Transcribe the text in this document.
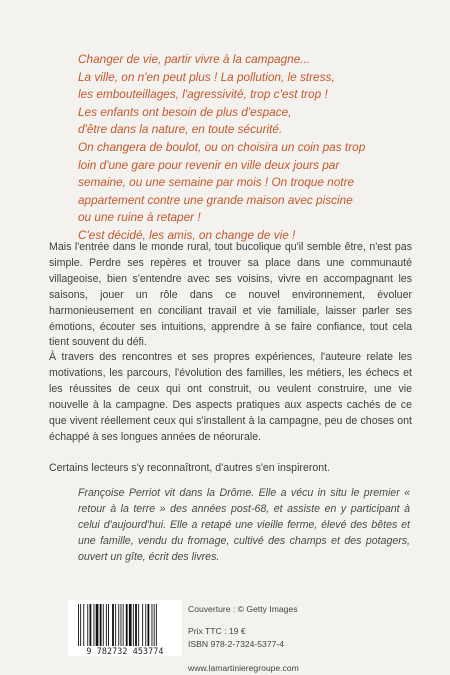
Changer de vie, partir vivre à la campagne...
La ville, on n'en peut plus ! La pollution, le stress,
les embouteillages, l'agressivité, trop c'est trop !
Les enfants ont besoin de plus d'espace,
d'être dans la nature, en toute sécurité.
On changera de boulot, ou on choisira un coin pas trop
loin d'une gare pour revenir en ville deux jours par
semaine, ou une semaine par mois ! On troque notre
appartement contre une grande maison avec piscine
ou une ruine à retaper !
C'est décidé, les amis, on change de vie !

Mais l'entrée dans le monde rural, tout bucolique qu'il semble être, n'est pas simple. Perdre ses repères et trouver sa place dans une communauté villageoise, bien s'entendre avec ses voisins, vivre en accompagnant les saisons, jouer un rôle dans ce nouvel environnement, évoluer harmonieusement en conciliant travail et vie familiale, laisser parler ses émotions, écouter ses intuitions, apprendre à se faire confiance, tout cela tient souvent du défi.

À travers des rencontres et ses propres expériences, l'auteure relate les motivations, les parcours, l'évolution des familles, les métiers, les échecs et les réussites de ceux qui ont construit, ou veulent construire, une vie nouvelle à la campagne. Des aspects pratiques aux aspects cachés de ce que vivent réellement ceux qui s'installent à la campagne, peu de choses ont échappé à ses longues années de néorurale.

Certains lecteurs s'y reconnaîtront, d'autres s'en inspireront.

Françoise Perriot vit dans la Drôme. Elle a vécu in situ le premier « retour à la terre » des années post-68, et assiste en y participant à celui d'aujourd'hui. Elle a retapé une vieille ferme, élevé des bêtes et une famille, vendu du fromage, cultivé des champs et des potagers, ouvert un gîte, écrit des livres.

9 782732 453774
Couverture : © Getty Images
Prix TTC : 19 €
ISBN 978-2-7324-5377-4
www.lamartinieregroupe.com
